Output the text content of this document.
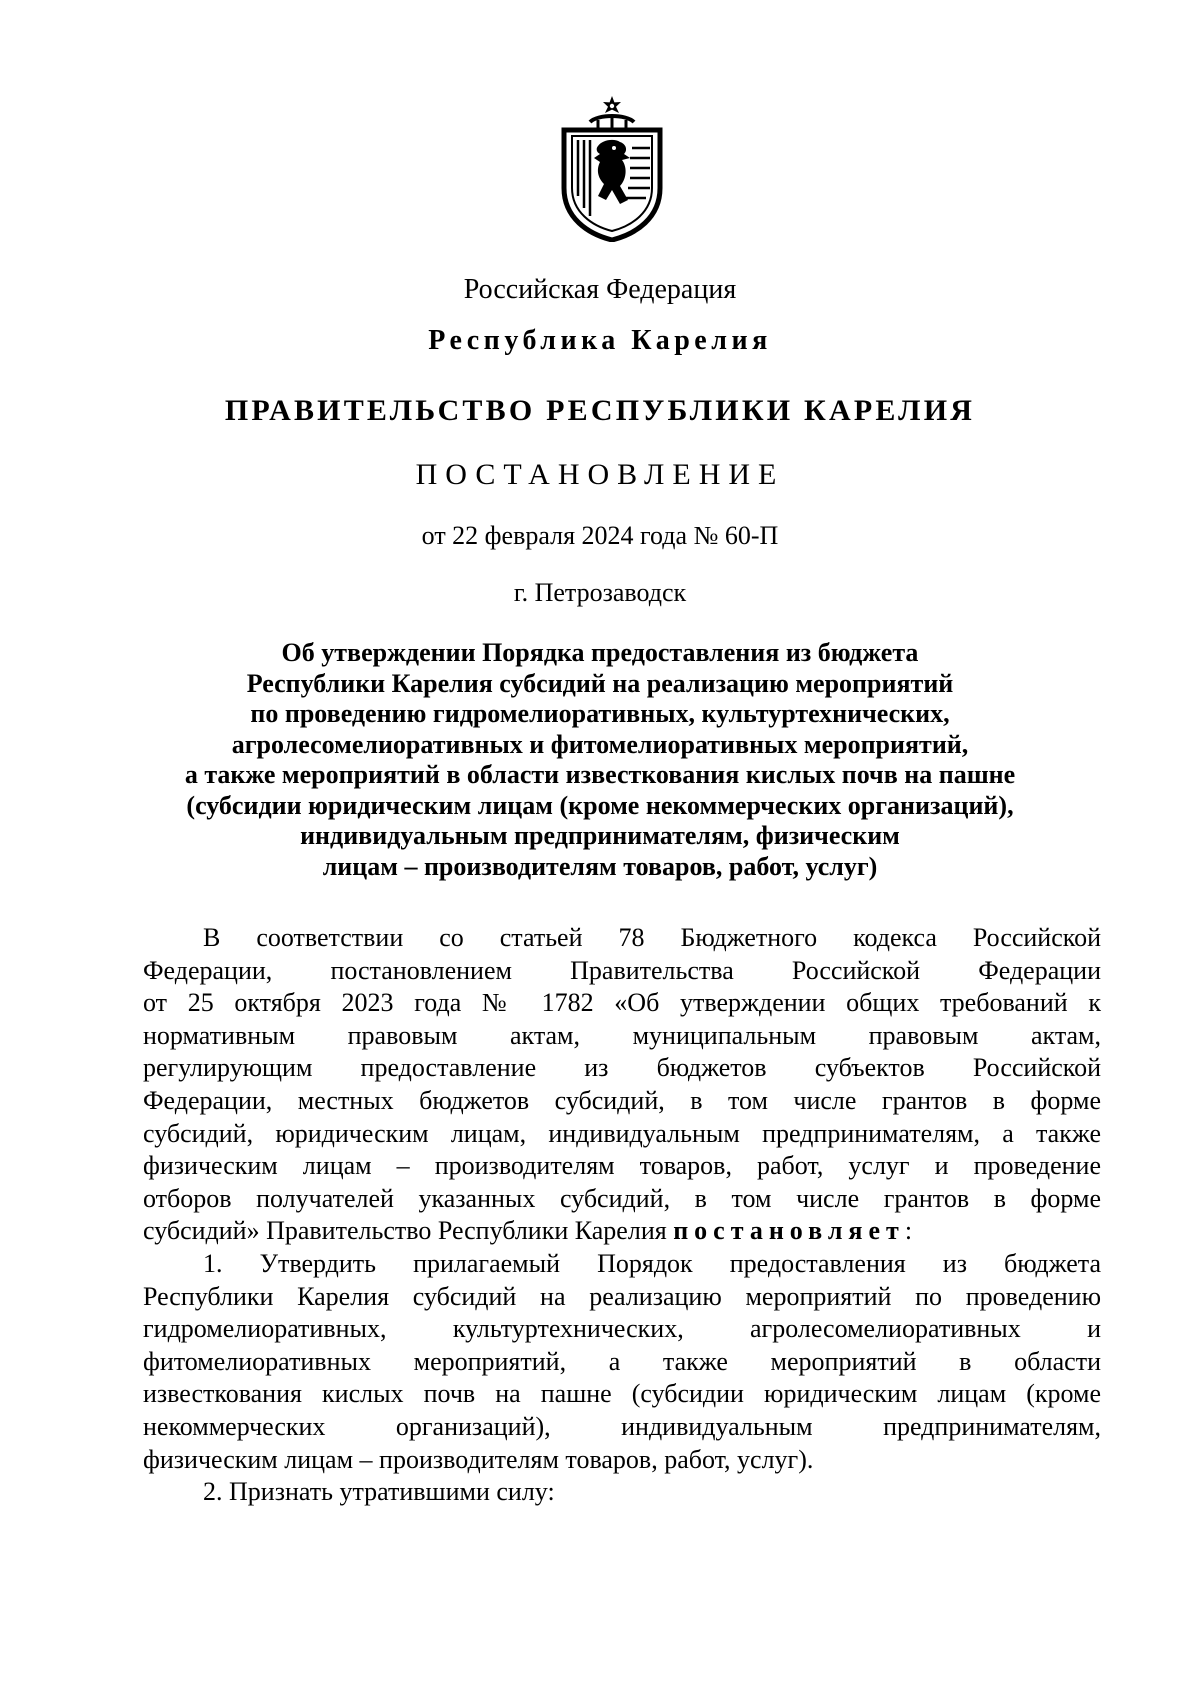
Российская Федерация
Республика Карелия
ПРАВИТЕЛЬСТВО РЕСПУБЛИКИ КАРЕЛИЯ
ПОСТАНОВЛЕНИЕ
от 22 февраля 2024 года № 60-П
г. Петрозаводск
Об утверждении Порядка предоставления из бюджета
Республики Карелия субсидий на реализацию мероприятий
по проведению гидромелиоративных, культуртехнических,
агролесомелиоративных и фитомелиоративных мероприятий,
а также мероприятий в области известкования кислых почв на пашне
(субсидии юридическим лицам (кроме некоммерческих организаций),
индивидуальным предпринимателям, физическим
лицам – производителям товаров, работ, услуг)
В соответствии со статьей 78 Бюджетного кодекса Российской
Федерации, постановлением Правительства Российской Федерации
от 25 октября 2023 года № 1782 «Об утверждении общих требований к
нормативным правовым актам, муниципальным правовым актам,
регулирующим предоставление из бюджетов субъектов Российской
Федерации, местных бюджетов субсидий, в том числе грантов в форме
субсидий, юридическим лицам, индивидуальным предпринимателям, а также
физическим лицам – производителям товаров, работ, услуг и проведение
отборов получателей указанных субсидий, в том числе грантов в форме
субсидий» Правительство Республики Карелия постановляет:
1. Утвердить прилагаемый Порядок предоставления из бюджета
Республики Карелия субсидий на реализацию мероприятий по проведению
гидромелиоративных, культуртехнических, агролесомелиоративных и
фитомелиоративных мероприятий, а также мероприятий в области
известкования кислых почв на пашне (субсидии юридическим лицам (кроме
некоммерческих организаций), индивидуальным предпринимателям,
физическим лицам – производителям товаров, работ, услуг).
2. Признать утратившими силу:
